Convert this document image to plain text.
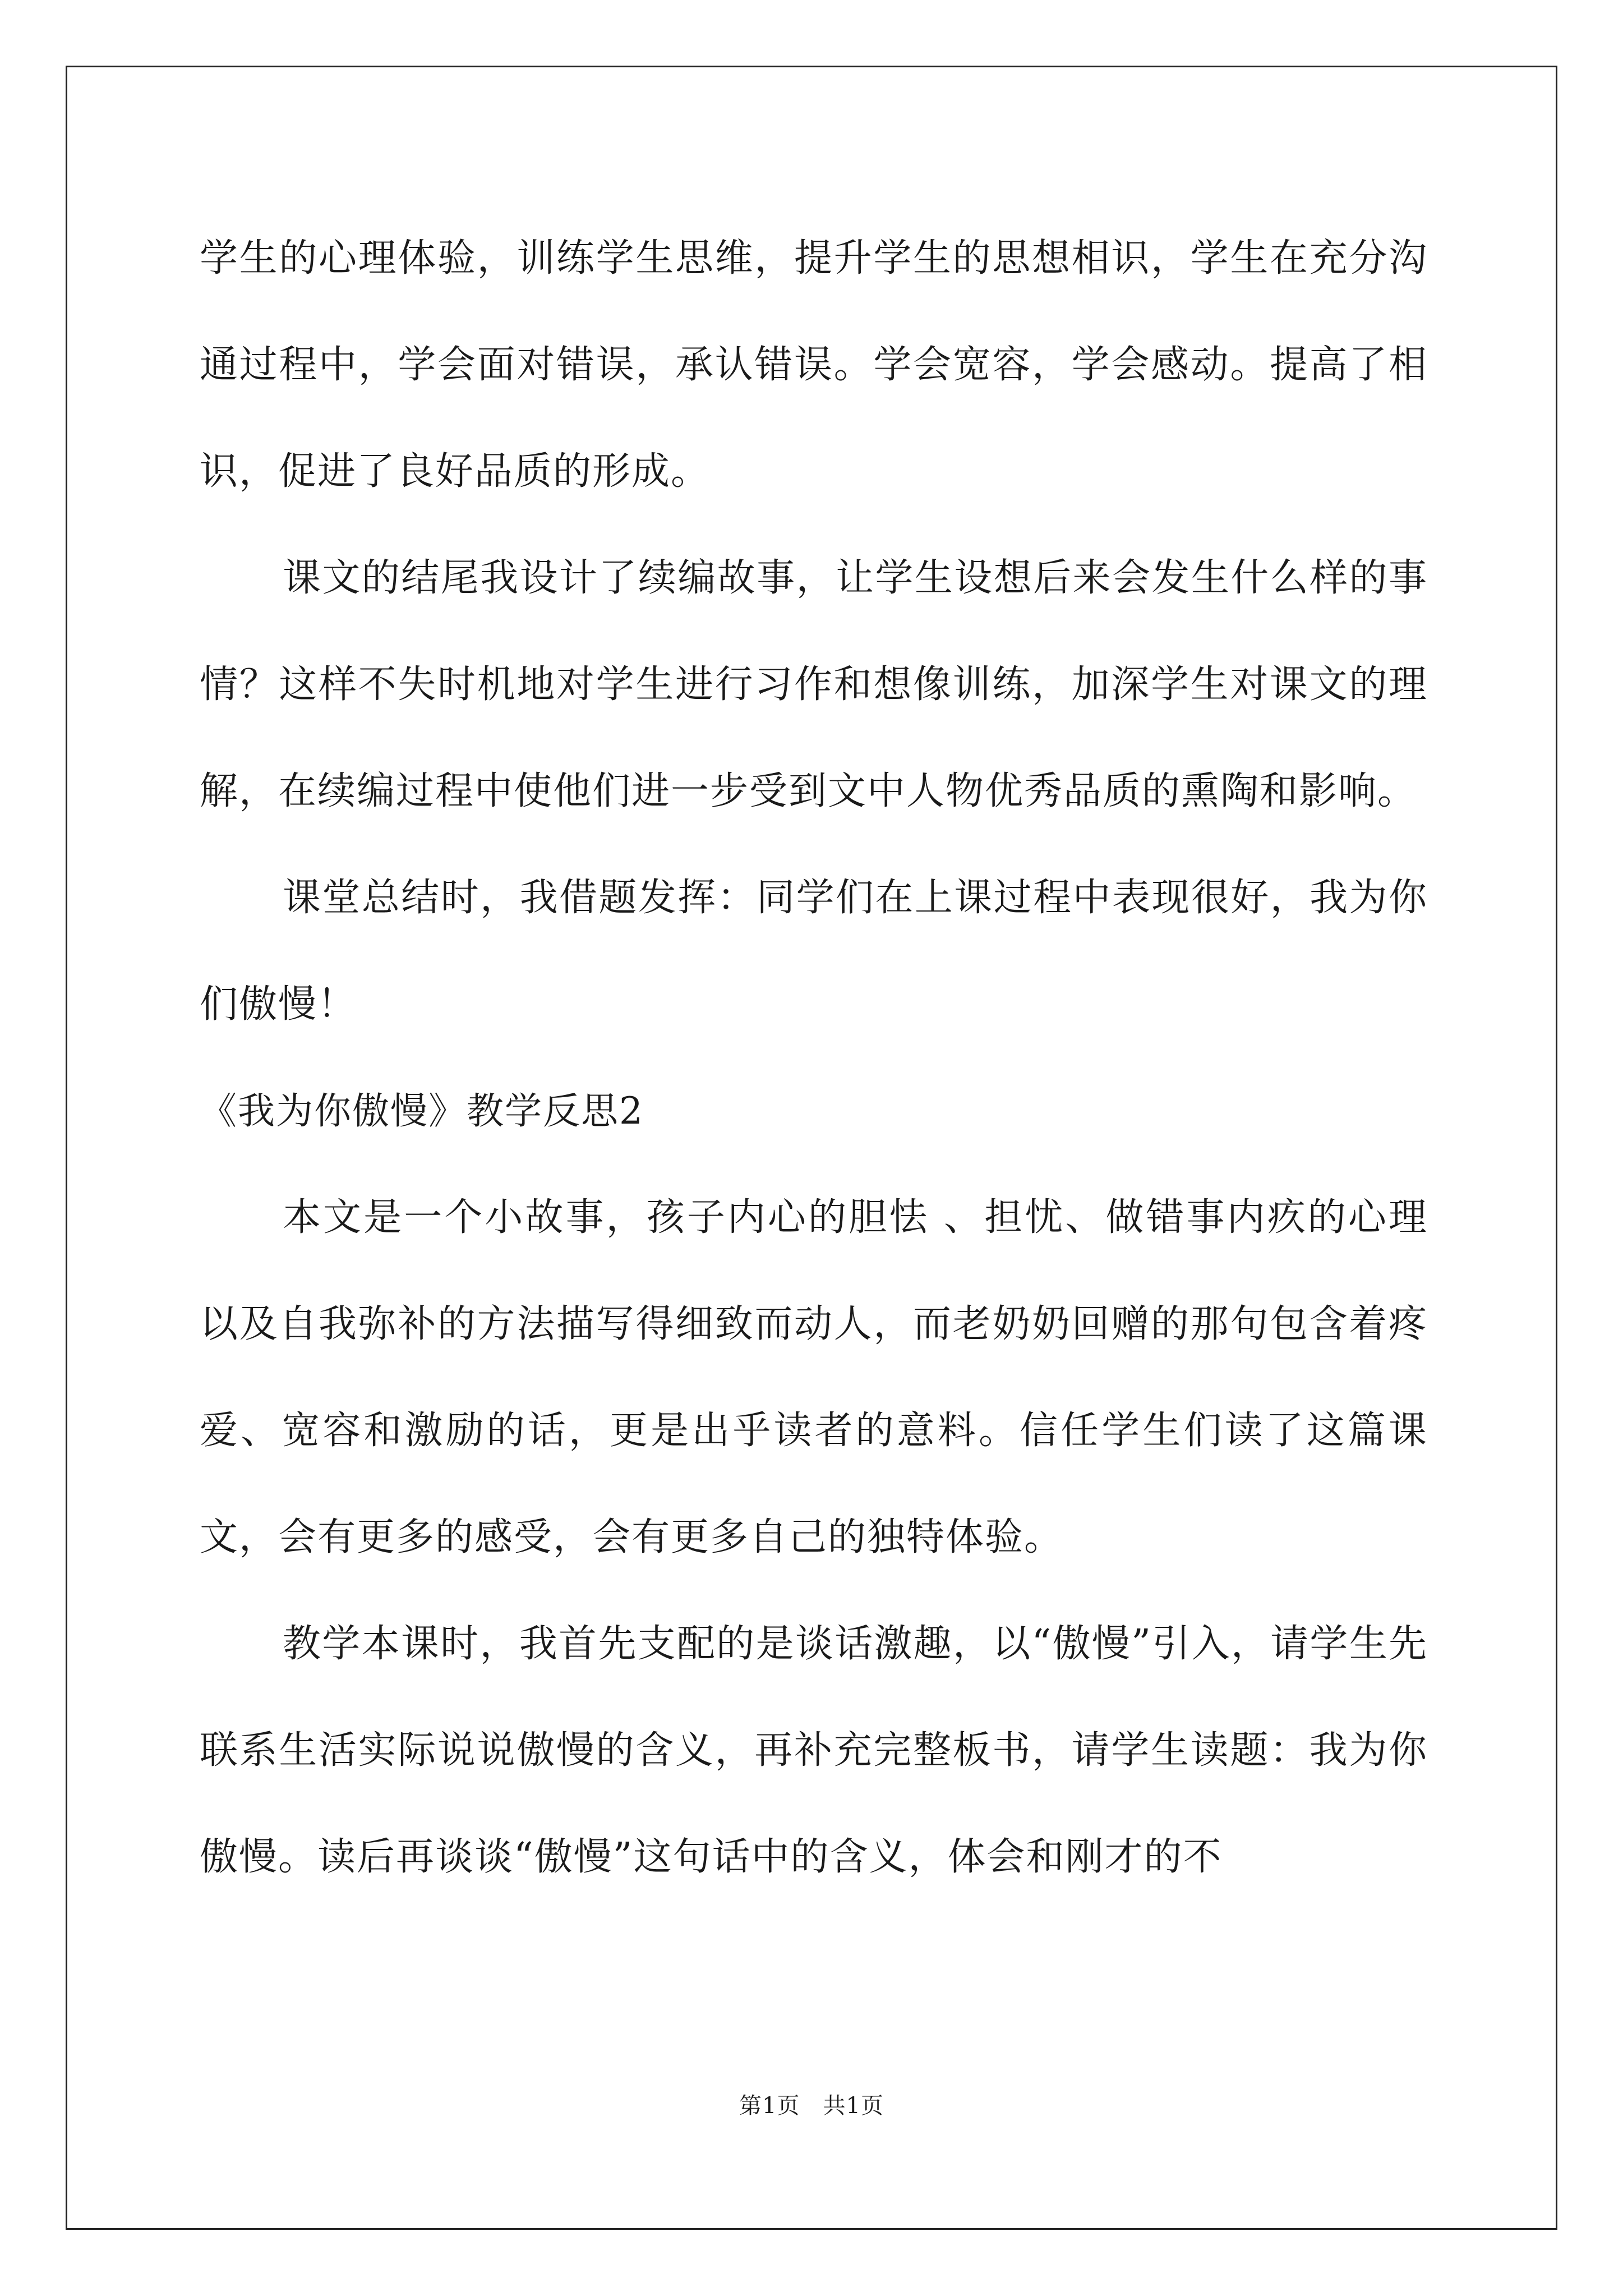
学生的心理体验，训练学生思维，提升学生的思想相识，学生在充分沟通过程中，学会面对错误，承认错误。学会宽容，学会感动。提高了相识，促进了良好品质的形成。

课文的结尾我设计了续编故事，让学生设想后来会发生什么样的事情？这样不失时机地对学生进行习作和想像训练，加深学生对课文的理解，在续编过程中使他们进一步受到文中人物优秀品质的熏陶和影响。

课堂总结时，我借题发挥：同学们在上课过程中表现很好，我为你们傲慢！

《我为你傲慢》教学反思2

本文是一个小故事，孩子内心的胆怯 、担忧、做错事内疚的心理以及自我弥补的方法描写得细致而动人，而老奶奶回赠的那句包含着疼爱、宽容和激励的话，更是出乎读者的意料。信任学生们读了这篇课文，会有更多的感受，会有更多自己的独特体验。

教学本课时，我首先支配的是谈话激趣，以“傲慢”引入，请学生先联系生活实际说说傲慢的含义，再补充完整板书，请学生读题：我为你傲慢。读后再谈谈“傲慢”这句话中的含义，体会和刚才的不

第1页　共1页
